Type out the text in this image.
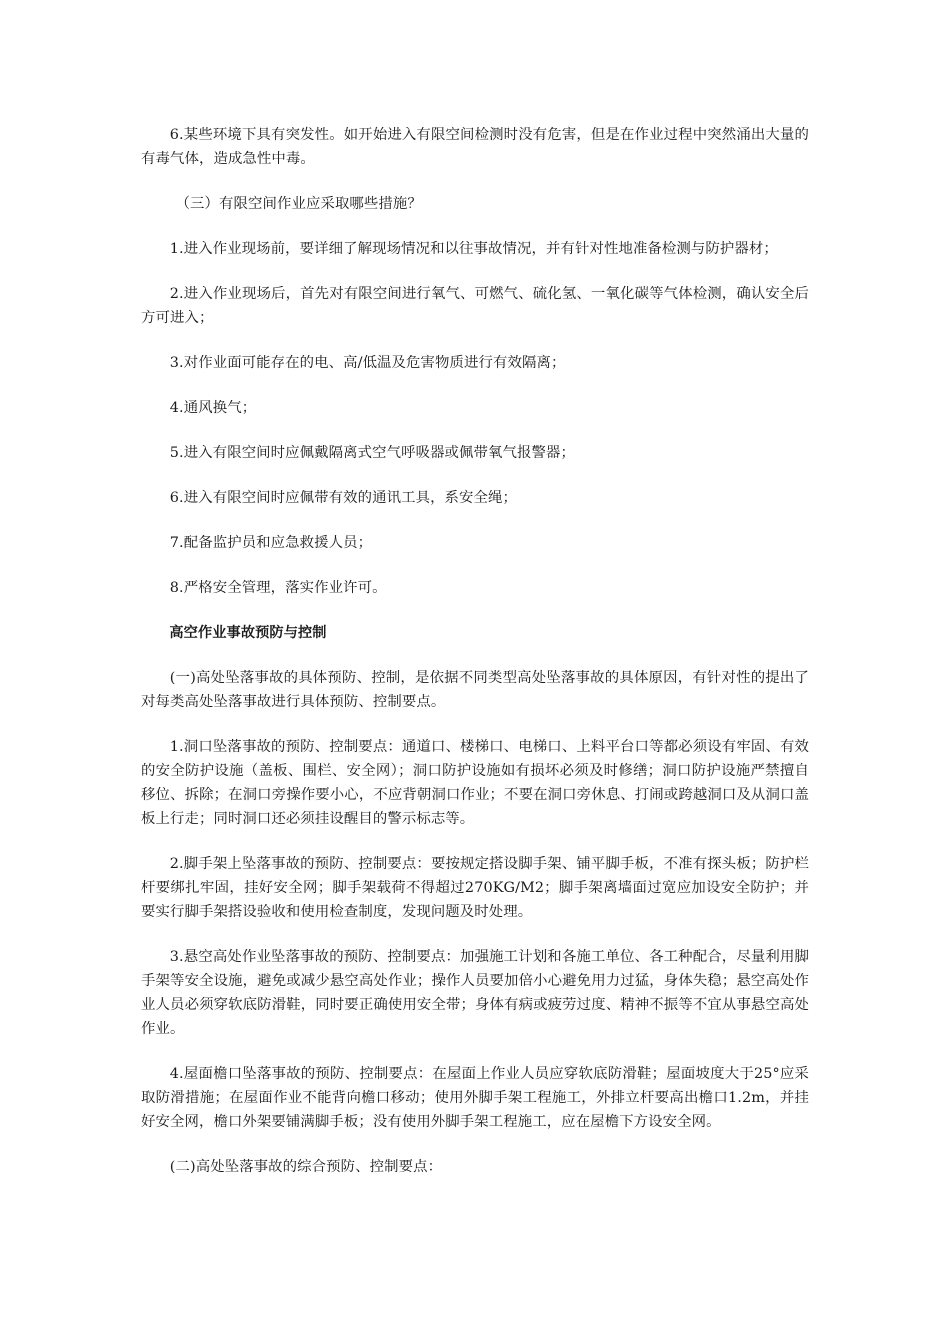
6.某些环境下具有突发性。如开始进入有限空间检测时没有危害，但是在作业过程中突然涌出大量的有毒气体，造成急性中毒。

（三）有限空间作业应采取哪些措施？

1.进入作业现场前，要详细了解现场情况和以往事故情况，并有针对性地准备检测与防护器材；

2.进入作业现场后，首先对有限空间进行氧气、可燃气、硫化氢、一氧化碳等气体检测，确认安全后方可进入；

3.对作业面可能存在的电、高/低温及危害物质进行有效隔离；

4.通风换气；

5.进入有限空间时应佩戴隔离式空气呼吸器或佩带氧气报警器；

6.进入有限空间时应佩带有效的通讯工具，系安全绳；

7.配备监护员和应急救援人员；

8.严格安全管理，落实作业许可。

高空作业事故预防与控制

(一)高处坠落事故的具体预防、控制，是依据不同类型高处坠落事故的具体原因，有针对性的提出了对每类高处坠落事故进行具体预防、控制要点。

1.洞口坠落事故的预防、控制要点：通道口、楼梯口、电梯口、上料平台口等都必须设有牢固、有效的安全防护设施（盖板、围栏、安全网）；洞口防护设施如有损坏必须及时修缮；洞口防护设施严禁擅自移位、拆除；在洞口旁操作要小心，不应背朝洞口作业；不要在洞口旁休息、打闹或跨越洞口及从洞口盖板上行走；同时洞口还必须挂设醒目的警示标志等。

2.脚手架上坠落事故的预防、控制要点：要按规定搭设脚手架、铺平脚手板，不准有探头板；防护栏杆要绑扎牢固，挂好安全网；脚手架载荷不得超过270KG/M2；脚手架离墙面过宽应加设安全防护；并要实行脚手架搭设验收和使用检查制度，发现问题及时处理。

3.悬空高处作业坠落事故的预防、控制要点：加强施工计划和各施工单位、各工种配合，尽量利用脚手架等安全设施，避免或减少悬空高处作业；操作人员要加倍小心避免用力过猛，身体失稳；悬空高处作业人员必须穿软底防滑鞋，同时要正确使用安全带；身体有病或疲劳过度、精神不振等不宜从事悬空高处作业。

4.屋面檐口坠落事故的预防、控制要点：在屋面上作业人员应穿软底防滑鞋；屋面坡度大于25°应采取防滑措施；在屋面作业不能背向檐口移动；使用外脚手架工程施工，外排立杆要高出檐口1.2m，并挂好安全网，檐口外架要铺满脚手板；没有使用外脚手架工程施工，应在屋檐下方设安全网。

(二)高处坠落事故的综合预防、控制要点：
